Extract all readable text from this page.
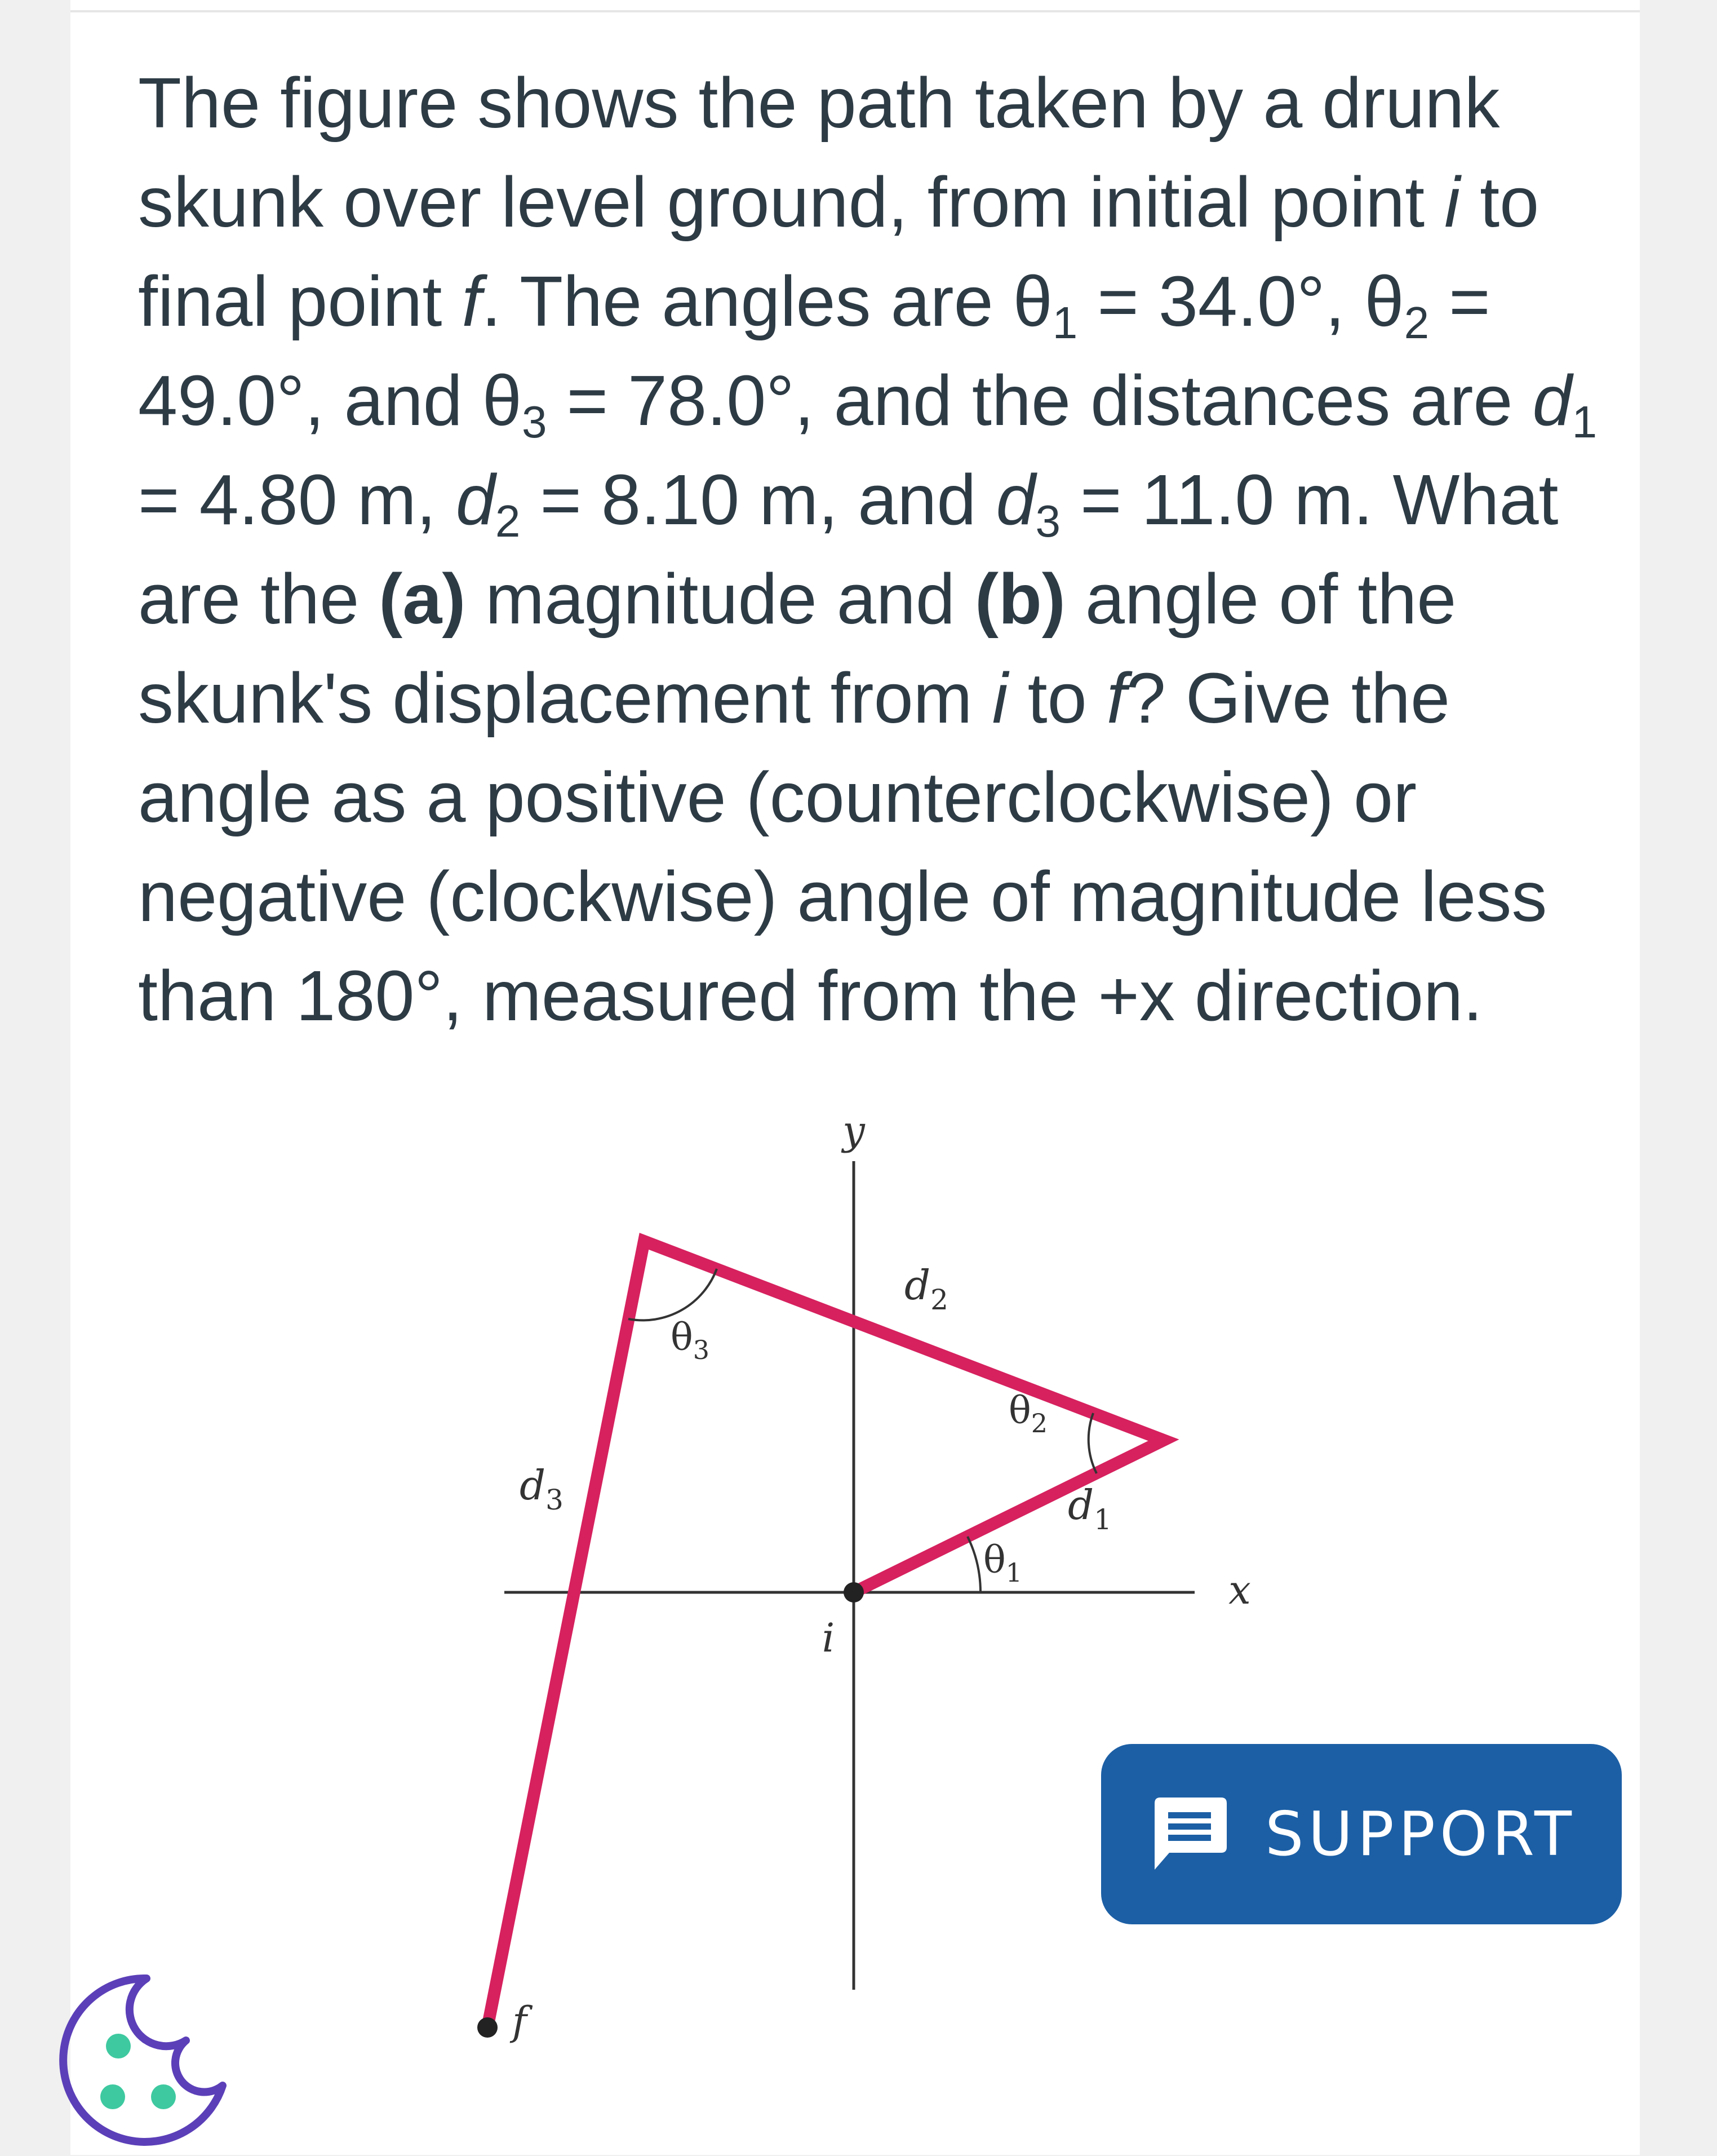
The figure shows the path taken by a drunk skunk over level ground, from initial point i to final point f. The angles are $\theta_1 = 34.0^\circ$, $\theta_2 = 49.0^\circ$, and $\theta_3 = 78.0^\circ$, and the distances are $d_1 = 4.80$ m, $d_2 = 8.10$ m, and $d_3 = 11.0$ m. What are the (a) magnitude and (b) angle of the skunk's displacement from i to f? Give the angle as a positive (counterclockwise) or negative (clockwise) angle of magnitude less than 180°, measured from the +x direction.
y
x
i
f
$d_1$
$d_2$
$d_3$
$\theta_1$
$\theta_2$
$\theta_3$
SUPPORT
